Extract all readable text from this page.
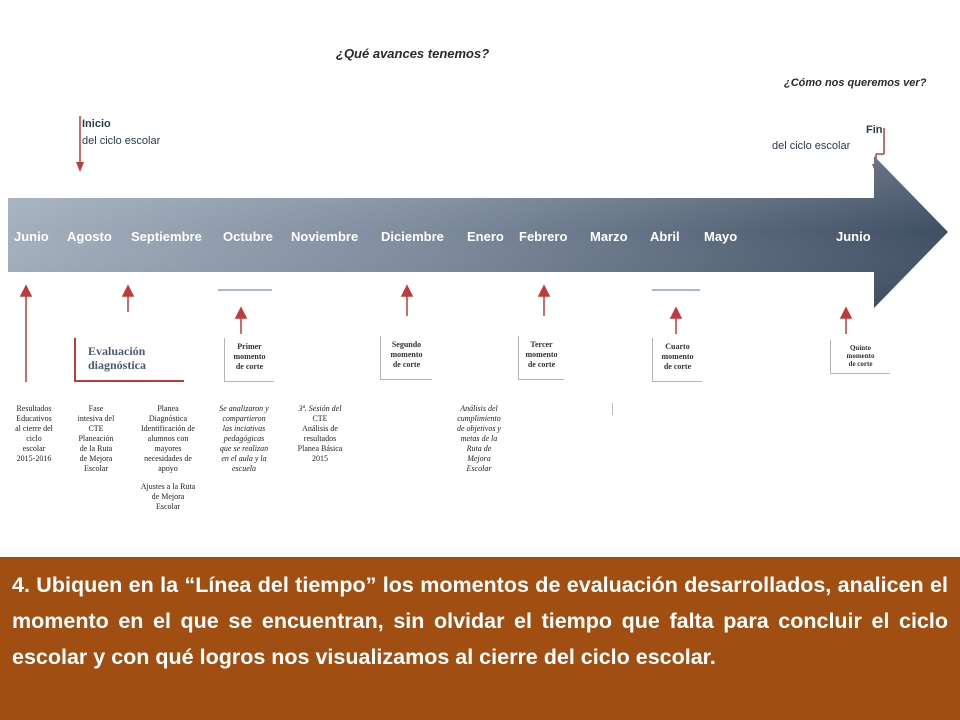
¿Qué avances tenemos?
¿Cómo nos queremos ver?
Inicio
del ciclo escolar
Fin
del ciclo escolar
Junio Agosto Septiembre Octubre Noviembre Diciembre Enero Febrero Marzo Abril Mayo	Junio
Evaluación
diagnóstica
Primer
momento
de corte
Segundo
momento
de corte
Tercer
momento
de corte
Cuarto
momento
de corte
Quinto
momento
de corte
Resultados
Educativos
al cierre del
ciclo
escolar
2015-2016
Fase
intesiva del
CTE
Planeación
de la Ruta
de Mejora
Escolar
Planea
Diagnóstica
Identificación de
alumnos con
mayores
necesidades de
apoyo
Ajustes a la Ruta
de Mejora
Escolar
Se analizaron y
compartieron
las inciativas
pedagógicas
que se realizan
en el aula y la
escuela
3ª. Sesión del
CTE
Análisis de
resultados
Planea Básica
2015
Análisis del
cumplimiento
de objetivos y
metas de la
Ruta de
Mejora
Escolar

4. Ubiquen en la “Línea del tiempo” los momentos de evaluación desarrollados, analicen el momento en el que se encuentran, sin olvidar el tiempo que falta para concluir el ciclo escolar y con qué logros nos visualizamos al cierre del ciclo escolar.
